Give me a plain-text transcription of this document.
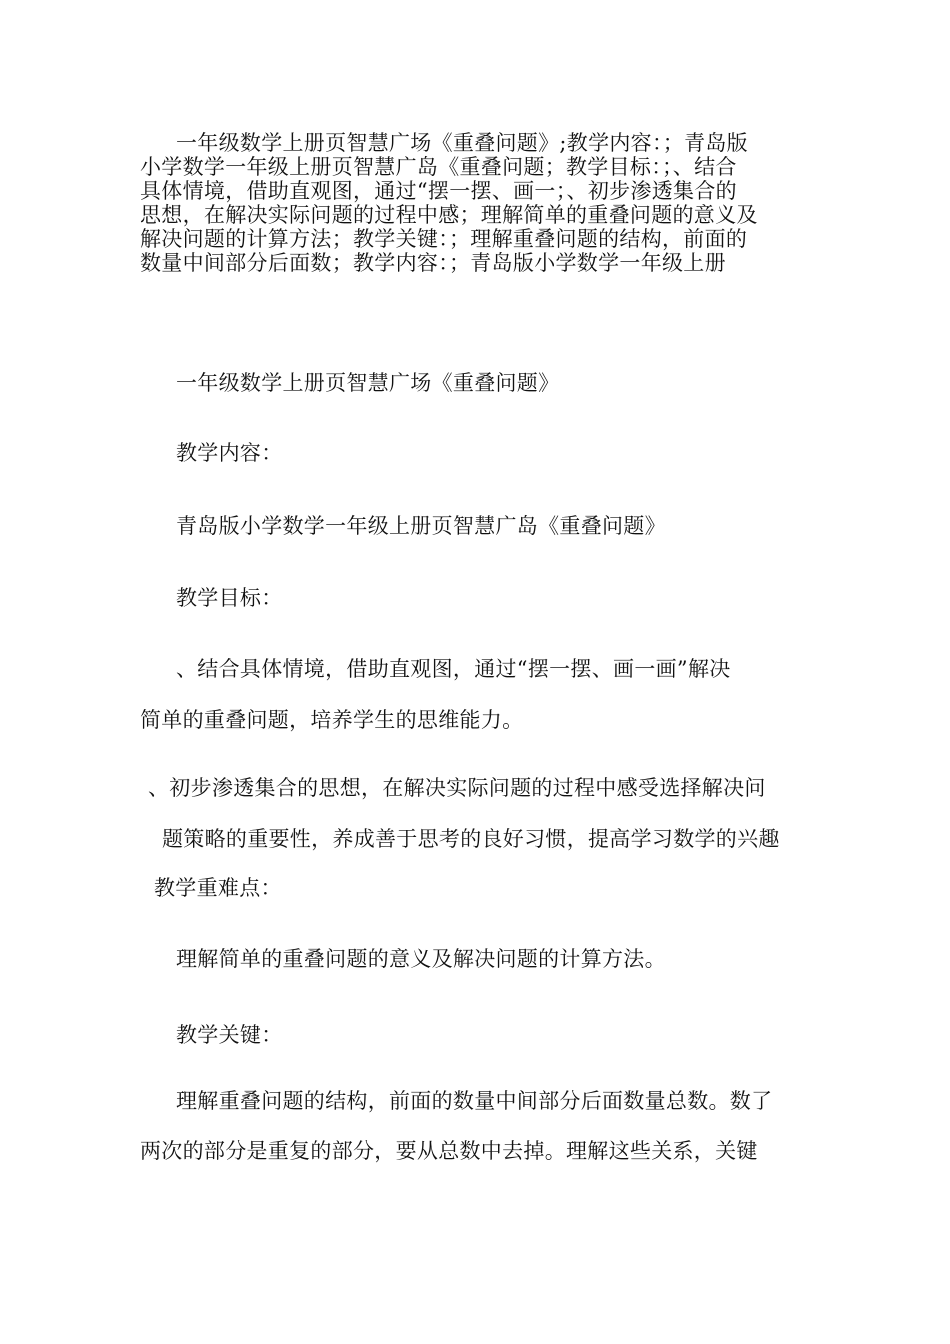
一年级数学上册页智慧广场《重叠问题》;教学内容：；青岛版
小学数学一年级上册页智慧广岛《重叠问题；教学目标：；、结合
具体情境，借助直观图，通过“摆一摆、画一；、初步渗透集合的
思想，在解决实际问题的过程中感；理解简单的重叠问题的意义及
解决问题的计算方法；教学关键：；理解重叠问题的结构，前面的
数量中间部分后面数；教学内容：；青岛版小学数学一年级上册
一年级数学上册页智慧广场《重叠问题》
教学内容：
青岛版小学数学一年级上册页智慧广岛《重叠问题》
教学目标：
、结合具体情境，借助直观图，通过“摆一摆、画一画”解决
简单的重叠问题，培养学生的思维能力。
、初步渗透集合的思想，在解决实际问题的过程中感受选择解决问
题策略的重要性，养成善于思考的良好习惯，提高学习数学的兴趣
教学重难点：
理解简单的重叠问题的意义及解决问题的计算方法。
教学关键：
理解重叠问题的结构，前面的数量中间部分后面数量总数。数了
两次的部分是重复的部分，要从总数中去掉。理解这些关系，关键
